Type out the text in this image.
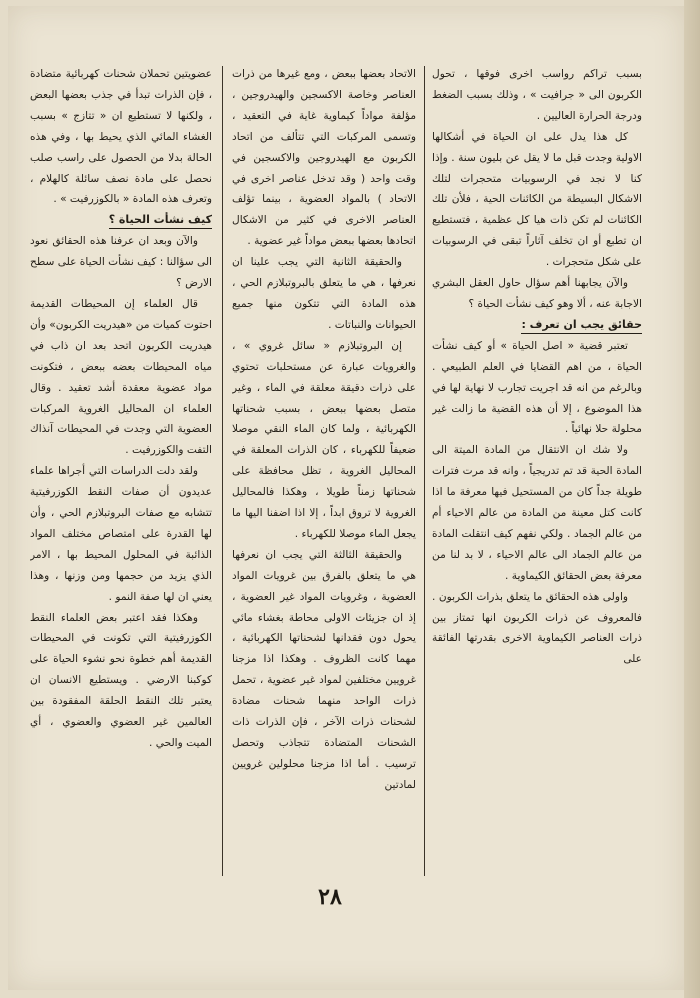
بسبب تراكم رواسب اخرى فوقها ، تحول الكربون الى « جرافيت » ، وذلك بسبب الضغط ودرجة الحرارة العاليين .

كل هذا يدل على ان الحياة في أشكالها الاولية وجدت قبل ما لا يقل عن بليون سنة . وإذا كنا لا نجد في الرسوبيات متحجرات لتلك الاشكال البسيطة من الكائنات الحية ، فلأن تلك الكائنات لم تكن ذات هيا كل عظمية ، فتستطيع ان تطبع أو ان تخلف آثاراً تبقى في الرسوبيات على شكل متحجرات .

والآن يجابهنا أهم سؤال حاول العقل البشري الاجابة عنه ، ألا وهو كيف نشأت الحياة ؟

حقائق يجب ان تعرف :

تعتبر قضية « اصل الحياة » أو كيف نشأت الحياة ، من اهم القضايا في العلم الطبيعي . وبالرغم من انه قد اجريت تجارب لا نهاية لها في هذا الموضوع ، إلا أن هذه القضية ما زالت غير محلولة حلا نهائياً .

ولا شك ان الانتقال من المادة الميتة الى المادة الحية قد تم تدريجياً ، وانه قد مرت فترات طويلة جداً كان من المستحيل فيها معرفة ما اذا كانت كتل معينة من المادة من عالم الاحياء أم من عالم الجماد . ولكي نفهم كيف انتقلت المادة من عالم الجماد الى عالم الاحياء ، لا بد لنا من معرفة بعض الحقائق الكيماوية .

واولى هذه الحقائق ما يتعلق بذرات الكربون . فالمعروف عن ذرات الكربون انها تمتاز بين ذرات العناصر الكيماوية الاخرى بقدرتها الفائقة على

الاتحاد بعضها ببعض ، ومع غيرها من ذرات العناصر وخاصة الاكسجين والهيدروجين ، مؤلفة مواداً كيماوية غاية في التعقيد ، وتسمى المركبات التي تتألف من اتحاد الكربون مع الهيدروجين والاكسجين في وقت واحد ( وقد تدخل عناصر اخرى في الاتحاد ) بالمواد العضوية ، بينما تؤلف العناصر الاخرى في كثير من الاشكال اتحادها بعضها ببعض مواداً غير عضوية .

والحقيقة الثانية التي يجب علينا ان نعرفها ، هي ما يتعلق بالبروتبلازم الحي ، هذه المادة التي تتكون منها جميع الحيوانات والنباتات .

إن البروتبلازم « سائل غروي » ، والغرويات عبارة عن مستحلبات تحتوي على ذرات دقيقة معلقة في الماء ، وغير متصل بعضها ببعض ، بسبب شحناتها الكهربائية ، ولما كان الماء النقي موصلا ضعيفاً للكهرباء ، كان الذرات المعلقة في المحاليل الغروية ، تظل محافظة على شحناتها زمناً طويلا ، وهكذا فالمحاليل الغروية لا تروق ابداً ، إلا اذا اضفنا اليها ما يجعل الماء موصلا للكهرباء .

والحقيقة الثالثة التي يجب ان نعرفها هي ما يتعلق بالفرق بين غرويات المواد العضوية ، وغرويات المواد غير العضوية ، إذ ان جزيئات الاولى محاطة بغشاء مائي يحول دون فقدانها لشحناتها الكهربائية ، مهما كانت الظروف . وهكذا اذا مزجنا غرويين مختلفين لمواد غير عضوية ، تحمل ذرات الواحد منهما شحنات مضادة لشحنات ذرات الآخر ، فإن الذرات ذات الشحنات المتضادة تتجاذب وتحصل ترسيب . أما اذا مزجنا محلولين غرويين لمادتين

عضويتين تحملان شحنات كهربائية متضادة ، فإن الذرات تبدأ في جذب بعضها البعض ، ولكنها لا تستطيع ان « تتازج » بسبب الغشاء المائي الذي يحيط بها ، وفي هذه الحالة بدلا من الحصول على راسب صلب نحصل على مادة نصف سائلة كالهلام ، وتعرف هذه المادة « بالكوزرفيت » .

كيف نشأت الحياة ؟

والآن وبعد ان عرفنا هذه الحقائق نعود الى سؤالنا : كيف نشأت الحياة على سطح الارض ؟

قال العلماء إن المحيطات القديمة احتوت كميات من «هيدريت الكربون» وأن هيدريت الكربون اتحد بعد ان ذاب في مياه المحيطات بعضه ببعض ، فتكونت مواد عضوية معقدة أشد تعقيد . وقال العلماء ان المحاليل الغروية المركبات العضوية التي وجدت في المحيطات آنذاك التفت والكوزرفيت .

ولقد دلت الدراسات التي أجراها علماء عديدون أن صفات النقط الكوزرفيتية تتشابه مع صفات البروتبلازم الحي ، وأن لها القدرة على امتصاص مختلف المواد الذائبة في المحلول المحيط بها ، الامر الذي يزيد من حجمها ومن وزنها ، وهذا يعني ان لها صفة النمو .

وهكذا فقد اعتبر بعض العلماء النقط الكوزرفيتية التي تكونت في المحيطات القديمة أهم خطوة نحو نشوء الحياة على كوكبنا الارضي . ويستطيع الانسان ان يعتبر تلك النقط الحلقة المفقودة بين العالمين غير العضوي والعضوي ، أي الميت والحي .

٢٨
